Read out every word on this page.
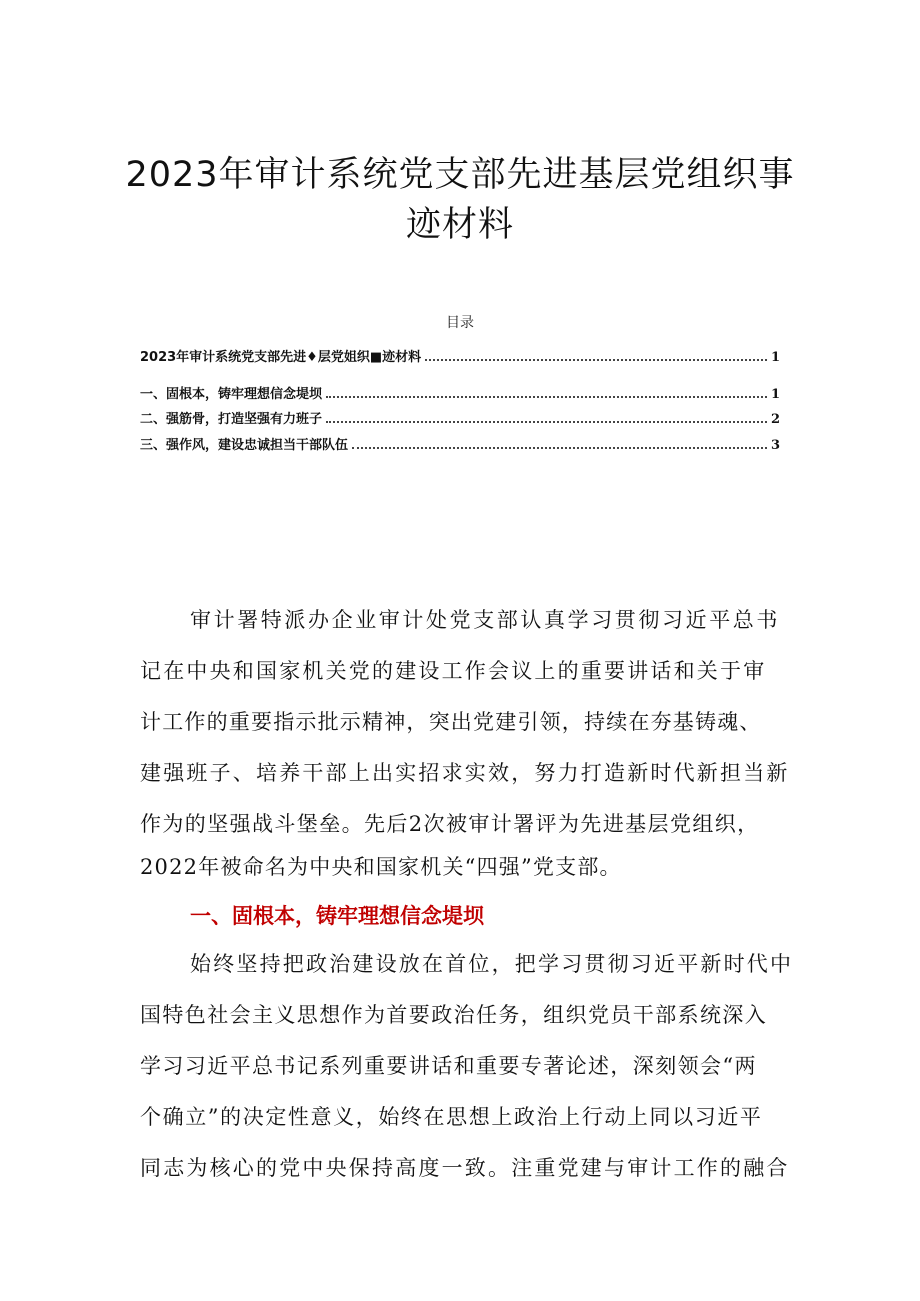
2023年审计系统党支部先进基层党组织事
迹材料
目录
2023年审计系统党支部先进♦层党姐织■迹材料	1
一、固根本，铸牢理想信念堤坝	1
二、强筋骨，打造坚强有力班子	2
三、强作风，建设忠诚担当干部队伍	3
审计署特派办企业审计处党支部认真学习贯彻习近平总书
记在中央和国家机关党的建设工作会议上的重要讲话和关于审
计工作的重要指示批示精神，突出党建引领，持续在夯基铸魂、
建强班子、培养干部上出实招求实效，努力打造新时代新担当新
作为的坚强战斗堡垒。先后2次被审计署评为先进基层党组织，
2022年被命名为中央和国家机关“四强”党支部。
一、固根本，铸牢理想信念堤坝
始终坚持把政治建设放在首位，把学习贯彻习近平新时代中
国特色社会主义思想作为首要政治任务，组织党员干部系统深入
学习习近平总书记系列重要讲话和重要专著论述，深刻领会“两
个确立”的决定性意义，始终在思想上政治上行动上同以习近平
同志为核心的党中央保持高度一致。注重党建与审计工作的融合
